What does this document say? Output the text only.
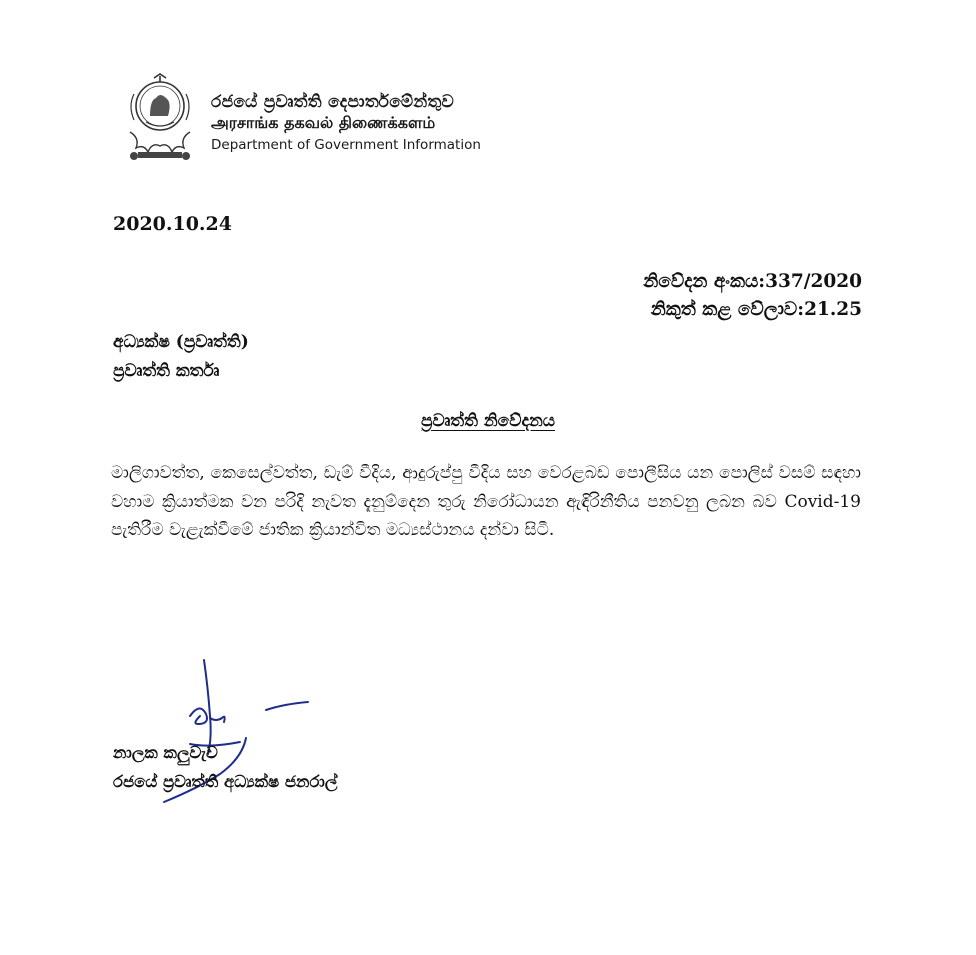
රජයේ ප්‍රවෘත්ති දෙපාර්තමේන්තුව
அரசாங்க தகவல் திணைக்களம்
Department of Government Information
2020.10.24
නිවේදන අංකය:337/2020
නිකුත් කළ වේලාව:21.25
අධ්‍යක්ෂ (ප්‍රවෘත්ති)
ප්‍රවෘත්ති කර්තෘ
ප්‍රවෘත්ති නිවේදනය
මාලිගාවත්ත, කෙසෙල්වත්ත, ඩැම් වීදිය, ආදුරුප්පු වීදිය සහ වෙරළබඩ පොලීසිය යන පොලිස් වසම් සඳහා වහාම ක්‍රියාත්මක වන පරිදි නැවත දැනුම්දෙන තුරු නිරෝධායන ඇඳිරිනීතිය පනවනු ලබන බව Covid-19 පැතිරීම වැළැක්වීමේ ජාතික ක්‍රියාන්විත මධ්‍යස්ථානය දන්වා සිටී.
නාලක කලුවැව
රජයේ ප්‍රවෘත්ති අධ්‍යක්ෂ ජනරාල්
